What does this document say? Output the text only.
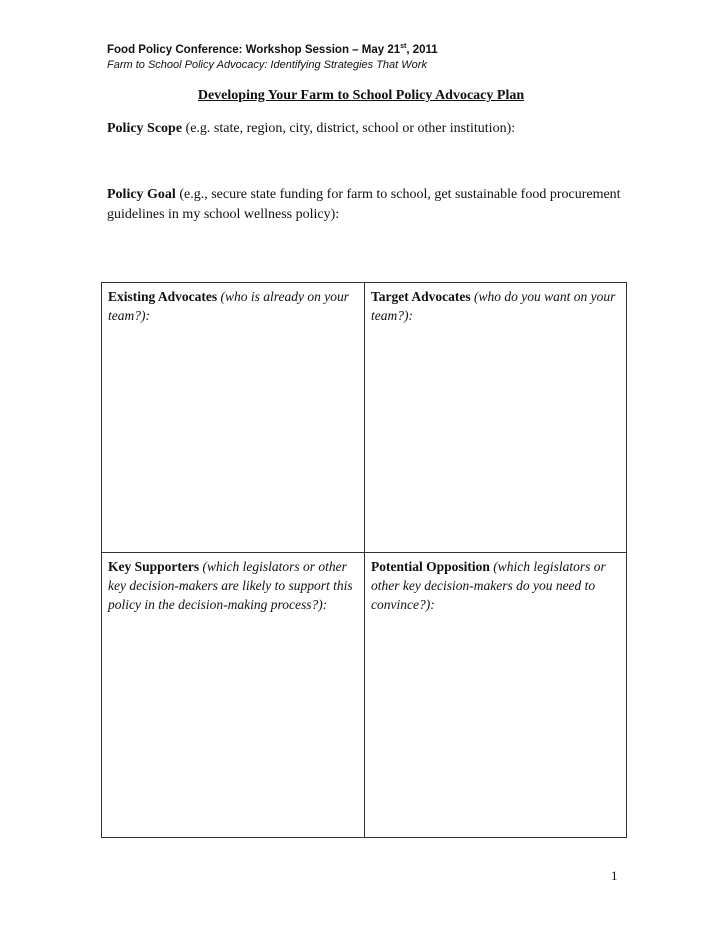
Food Policy Conference: Workshop Session – May 21st, 2011
Farm to School Policy Advocacy: Identifying Strategies That Work
Developing Your Farm to School Policy Advocacy Plan
Policy Scope (e.g. state, region, city, district, school or other institution):
Policy Goal (e.g., secure state funding for farm to school, get sustainable food procurement guidelines in my school wellness policy):
Existing Advocates (who is already on your team?):
Target Advocates (who do you want on your team?):
Key Supporters (which legislators or other key decision-makers are likely to support this policy in the decision-making process?):
Potential Opposition (which legislators or other key decision-makers do you need to convince?):
1
